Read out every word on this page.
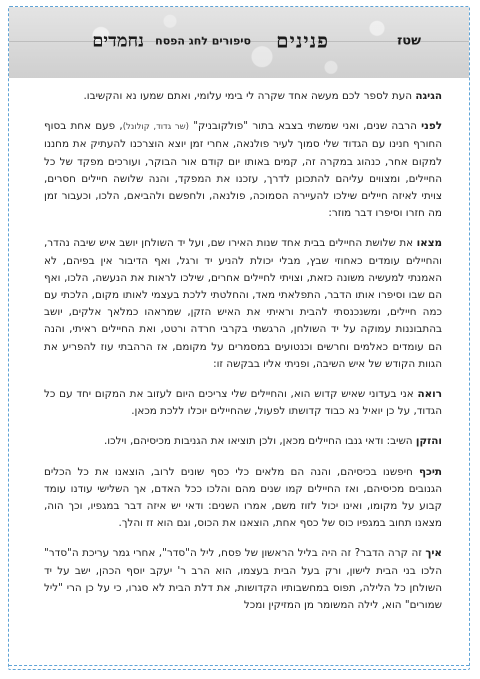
שטז
פנינים
סיפורים לחג הפסח
נחמדים

הגיגה העת לספר לכם מעשה אחד שקרה לי בימי עלומי, ואתם שמעו נא והקשיבו.

לפני הרבה שנים, ואני שמשתי בצבא בתור "פולקובניק" (שר גדוד, קולונל), פעם אחת בסוף החורף חנינו עם הגדוד שלי סמוך לעיר פולנאה, אחרי זמן יוצא הוצרכנו להעתיק את מחננו למקום אחר, כנהוג במקרה זה, קמים באותו יום קודם אור הבוקר, ועורכים מפקד של כל החיילים, ומצווים עליהם להתכונן לדרך, עזכנו את המפקד, והנה שלושה חיילים חסרים, צויתי לאיזה חיילים שילכו להעיירה הסמוכה, פולנאה, ולחפשם ולהביאם, הלכו, וכעבור זמן מה חזרו וסיפרו דבר מוזר:

מצאו את שלושת החיילים בבית אחד שנות האירו שם, ועל יד השולחן יושב איש שיבה נהדר, והחיילים עומדים כאחוזי שבץ, מבלי יכולת להניע יד ורגל, ואף הדיבור אין בפיהם, לא האמנתי למעשיה משונה כזאת, וצויתי לחיילים אחרים, שילכו לראות את הנעשה, הלכו, ואף הם שבו וסיפרו אותו הדבר, התפלאתי מאד, והחלטתי ללכת בעצמי לאותו מקום, הלכתי עם כמה חיילים, ומשנכנסתי להבית וראיתי את האיש הזקן, שמראהו כמלאך אלקים, יושב בהתבוננות עמוקה על יד השולחן, הרגשתי בקרבי חרדה ורטט, ואת החיילים ראיתי, והנה הם עומדים כאלמים וחרשים וכנטועים במסמרים על מקומם, אז הרהבתי עוז להפריע את הגוות הקודש של איש השיבה, ופניתי אליו בבקשה זו:

רואה אני בעדוני שאיש קדוש הוא, והחיילים שלי צריכים היום לעזוב את המקום יחד עם כל הגדוד, על כן יואיל נא כבוד קדושתו לפעול, שהחיילים יוכלו ללכת מכאן.

והזקן השיב: ודאי גנבו החיילים מכאן, ולכן תוציאו את הגניבות מכיסיהם, וילכו.

תיכף חיפשנו בכיסיהם, והנה הם מלאים כלי כסף שונים לרוב, הוצאנו את כל הכלים הגנובים מכיסיהם, ואז החיילים קמו שנים מהם והלכו ככל האדם, אך השלישי עודנו עומד קבוע על מקומו, ואינו יכול לזוז משם, אמרו השנים: ודאי יש איזה דבר במגפיו, וכך הוה, מצאנו תחוב במגפיו כוס של כסף אחת, הוצאנו את הכוס, וגם הוא זז והלך.

איך זה קרה הדבר? זה היה בליל הראשון של פסח, ליל ה"סדר", אחרי גמר עריכת ה"סדר" הלכו בני הבית לישון, ורק בעל הבית בעצמו, הוא הרב ר' יעקב יוסף הכהן, ישב על יד השולחן כל הלילה, תפוס במחשבותיו הקדושות, את דלת הבית לא סגרו, כי על כן הרי "ליל שמורים" הוא, לילה המשומר מן המזיקין ומכל
